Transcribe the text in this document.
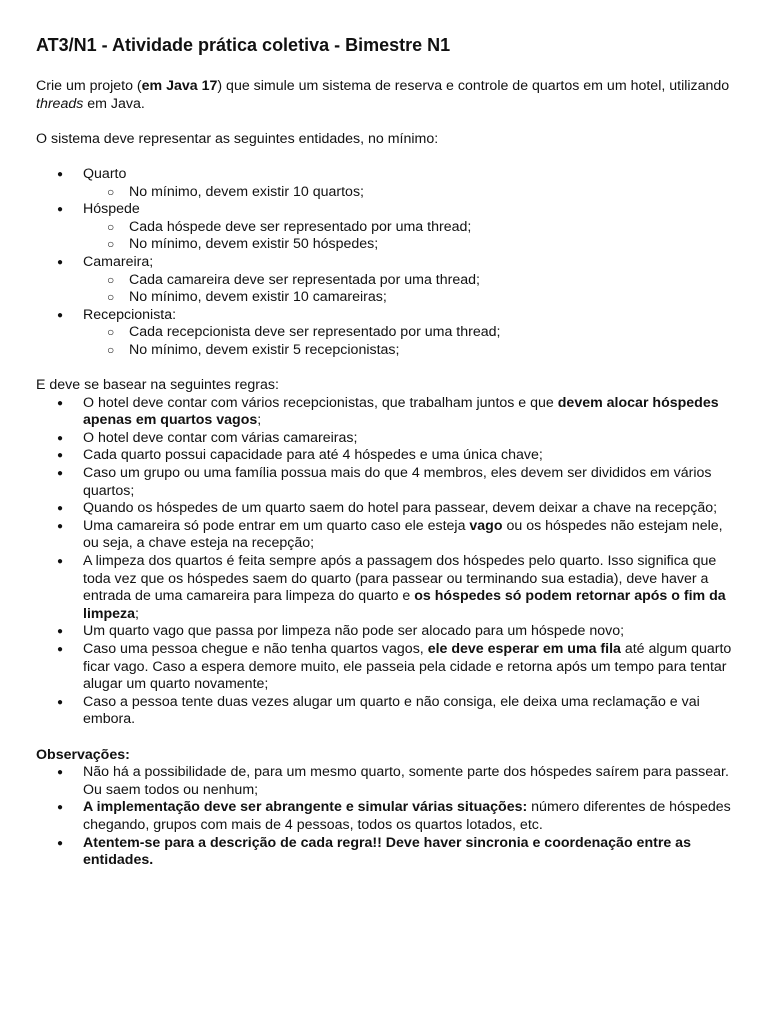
AT3/N1 - Atividade prática coletiva - Bimestre N1

Crie um projeto (em Java 17) que simule um sistema de reserva e controle de quartos em um hotel, utilizando threads em Java.

O sistema deve representar as seguintes entidades, no mínimo:

● Quarto
○ No mínimo, devem existir 10 quartos;
● Hóspede
○ Cada hóspede deve ser representado por uma thread;
○ No mínimo, devem existir 50 hóspedes;
● Camareira;
○ Cada camareira deve ser representada por uma thread;
○ No mínimo, devem existir 10 camareiras;
● Recepcionista:
○ Cada recepcionista deve ser representado por uma thread;
○ No mínimo, devem existir 5 recepcionistas;

E deve se basear na seguintes regras:

● O hotel deve contar com vários recepcionistas, que trabalham juntos e que devem alocar hóspedes apenas em quartos vagos;
● O hotel deve contar com várias camareiras;
● Cada quarto possui capacidade para até 4 hóspedes e uma única chave;
● Caso um grupo ou uma família possua mais do que 4 membros, eles devem ser divididos em vários quartos;
● Quando os hóspedes de um quarto saem do hotel para passear, devem deixar a chave na recepção;
● Uma camareira só pode entrar em um quarto caso ele esteja vago ou os hóspedes não estejam nele, ou seja, a chave esteja na recepção;
● A limpeza dos quartos é feita sempre após a passagem dos hóspedes pelo quarto. Isso significa que toda vez que os hóspedes saem do quarto (para passear ou terminando sua estadia), deve haver a entrada de uma camareira para limpeza do quarto e os hóspedes só podem retornar após o fim da limpeza;
● Um quarto vago que passa por limpeza não pode ser alocado para um hóspede novo;
● Caso uma pessoa chegue e não tenha quartos vagos, ele deve esperar em uma fila até algum quarto ficar vago. Caso a espera demore muito, ele passeia pela cidade e retorna após um tempo para tentar alugar um quarto novamente;
● Caso a pessoa tente duas vezes alugar um quarto e não consiga, ele deixa uma reclamação e vai embora.

Observações:

● Não há a possibilidade de, para um mesmo quarto, somente parte dos hóspedes saírem para passear. Ou saem todos ou nenhum;
● A implementação deve ser abrangente e simular várias situações: número diferentes de hóspedes chegando, grupos com mais de 4 pessoas, todos os quartos lotados, etc.
● Atentem-se para a descrição de cada regra!! Deve haver sincronia e coordenação entre as entidades.
